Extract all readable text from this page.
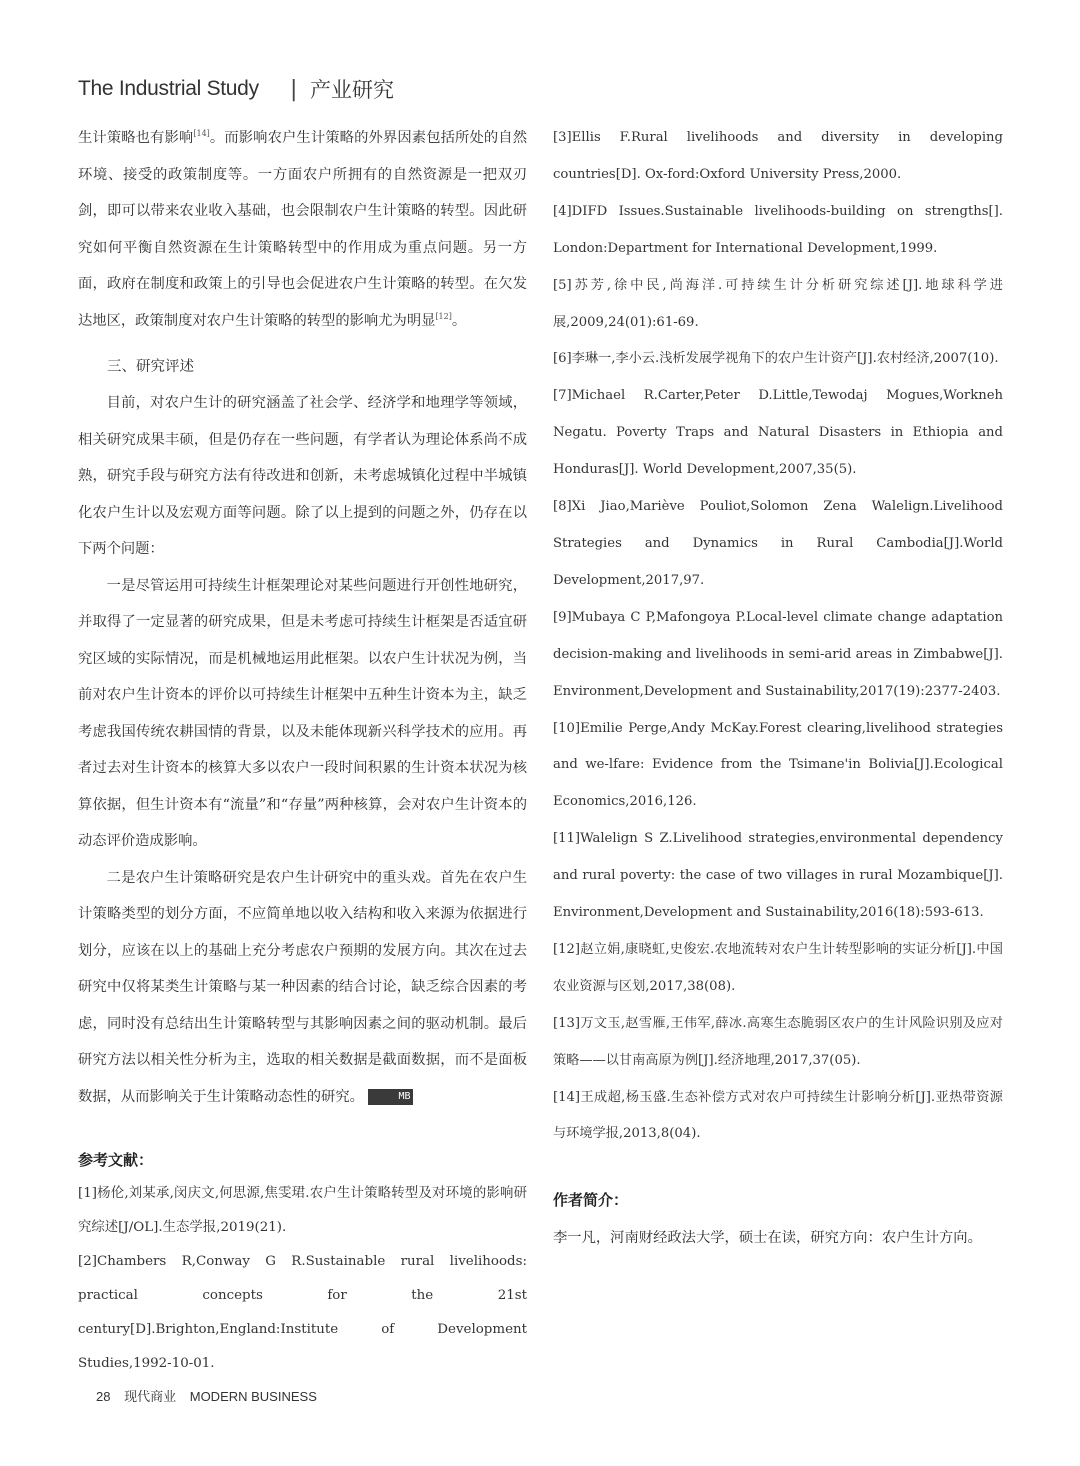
The Industrial Study	| 产业研究

生计策略也有影响[14]。而影响农户生计策略的外界因素包括所处的自然环境、接受的政策制度等。一方面农户所拥有的自然资源是一把双刃剑，即可以带来农业收入基础，也会限制农户生计策略的转型。因此研究如何平衡自然资源在生计策略转型中的作用成为重点问题。另一方面，政府在制度和政策上的引导也会促进农户生计策略的转型。在欠发达地区，政策制度对农户生计策略的转型的影响尤为明显[12]。

三、研究评述

目前，对农户生计的研究涵盖了社会学、经济学和地理学等领域，相关研究成果丰硕，但是仍存在一些问题，有学者认为理论体系尚不成熟，研究手段与研究方法有待改进和创新，未考虑城镇化过程中半城镇化农户生计以及宏观方面等问题。除了以上提到的问题之外，仍存在以下两个问题：

一是尽管运用可持续生计框架理论对某些问题进行开创性地研究，并取得了一定显著的研究成果，但是未考虑可持续生计框架是否适宜研究区域的实际情况，而是机械地运用此框架。以农户生计状况为例，当前对农户生计资本的评价以可持续生计框架中五种生计资本为主，缺乏考虑我国传统农耕国情的背景，以及未能体现新兴科学技术的应用。再者过去对生计资本的核算大多以农户一段时间积累的生计资本状况为核算依据，但生计资本有“流量”和“存量”两种核算，会对农户生计资本的动态评价造成影响。

二是农户生计策略研究是农户生计研究中的重头戏。首先在农户生计策略类型的划分方面，不应简单地以收入结构和收入来源为依据进行划分，应该在以上的基础上充分考虑农户预期的发展方向。其次在过去研究中仅将某类生计策略与某一种因素的结合讨论，缺乏综合因素的考虑，同时没有总结出生计策略转型与其影响因素之间的驱动机制。最后研究方法以相关性分析为主，选取的相关数据是截面数据，而不是面板数据，从而影响关于生计策略动态性的研究。	MB

参考文献：

[1]杨伦,刘某承,闵庆文,何思源,焦雯珺.农户生计策略转型及对环境的影响研究综述[J/OL].生态学报,2019(21).

[2]Chambers R,Conway G R.Sustainable rural livelihoods: practical concepts for the 21st century[D].Brighton,England:Institute of Development Studies,1992-10-01.

[3]Ellis F.Rural livelihoods and diversity in developing countries[D]. Ox-ford:Oxford University Press,2000.

[4]DIFD Issues.Sustainable livelihoods-building on strengths[]. London:Department for International Development,1999.

[5]苏芳,徐中民,尚海洋.可持续生计分析研究综述[J].地球科学进展,2009,24(01):61-69.

[6]李琳一,李小云.浅析发展学视角下的农户生计资产[J].农村经济,2007(10).

[7]Michael R.Carter,Peter D.Little,Tewodaj Mogues,Workneh Negatu. Poverty Traps and Natural Disasters in Ethiopia and Honduras[J]. World Development,2007,35(5).

[8]Xi Jiao,Mariève Pouliot,Solomon Zena Walelign.Livelihood Strategies and Dynamics in Rural Cambodia[J].World Development,2017,97.

[9]Mubaya C P,Mafongoya P.Local-level climate change adaptation decision-making and livelihoods in semi-arid areas in Zimbabwe[J]. Environment,Development and Sustainability,2017(19):2377-2403.

[10]Emilie Perge,Andy McKay.Forest clearing,livelihood strategies and we-lfare: Evidence from the Tsimane'in Bolivia[J].Ecological Economics,2016,126.

[11]Walelign S Z.Livelihood strategies,environmental dependency and rural poverty: the case of two villages in rural Mozambique[J]. Environment,Development and Sustainability,2016(18):593-613.

[12]赵立娟,康晓虹,史俊宏.农地流转对农户生计转型影响的实证分析[J].中国农业资源与区划,2017,38(08).

[13]万文玉,赵雪雁,王伟军,薛冰.高寒生态脆弱区农户的生计风险识别及应对策略——以甘南高原为例[J].经济地理,2017,37(05).

[14]王成超,杨玉盛.生态补偿方式对农户可持续生计影响分析[J].亚热带资源与环境学报,2013,8(04).

作者简介：

李一凡，河南财经政法大学，硕士在读，研究方向：农户生计方向。

28 现代商业 MODERN BUSINESS
